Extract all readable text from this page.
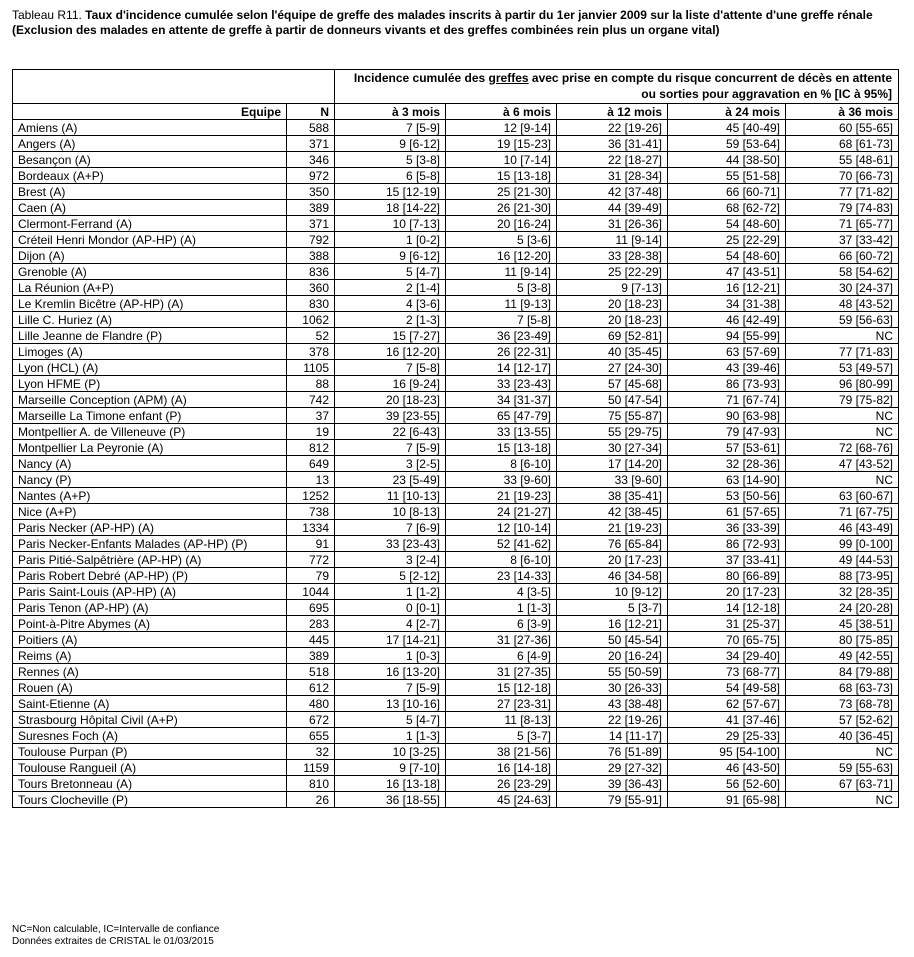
Tableau R11. Taux d'incidence cumulée selon l'équipe de greffe des malades inscrits à partir du 1er janvier 2009 sur la liste d'attente d'une greffe rénale
(Exclusion des malades en attente de greffe à partir de donneurs vivants et des greffes combinées rein plus un organe vital)
		Incidence cumulée des greffes avec prise en compte du risque concurrent de décès en attente ou sorties pour aggravation en % [IC à 95%]				
Equipe	N	à 3 mois	à 6 mois	à 12 mois	à 24 mois	à 36 mois
Amiens (A)	588	7 [5-9]	12 [9-14]	22 [19-26]	45 [40-49]	60 [55-65]
Angers (A)	371	9 [6-12]	19 [15-23]	36 [31-41]	59 [53-64]	68 [61-73]
Besançon (A)	346	5 [3-8]	10 [7-14]	22 [18-27]	44 [38-50]	55 [48-61]
Bordeaux (A+P)	972	6 [5-8]	15 [13-18]	31 [28-34]	55 [51-58]	70 [66-73]
Brest (A)	350	15 [12-19]	25 [21-30]	42 [37-48]	66 [60-71]	77 [71-82]
Caen (A)	389	18 [14-22]	26 [21-30]	44 [39-49]	68 [62-72]	79 [74-83]
Clermont-Ferrand (A)	371	10 [7-13]	20 [16-24]	31 [26-36]	54 [48-60]	71 [65-77]
Créteil Henri Mondor (AP-HP) (A)	792	1 [0-2]	5 [3-6]	11 [9-14]	25 [22-29]	37 [33-42]
Dijon (A)	388	9 [6-12]	16 [12-20]	33 [28-38]	54 [48-60]	66 [60-72]
Grenoble (A)	836	5 [4-7]	11 [9-14]	25 [22-29]	47 [43-51]	58 [54-62]
La Réunion (A+P)	360	2 [1-4]	5 [3-8]	9 [7-13]	16 [12-21]	30 [24-37]
Le Kremlin Bicêtre (AP-HP) (A)	830	4 [3-6]	11 [9-13]	20 [18-23]	34 [31-38]	48 [43-52]
Lille C. Huriez (A)	1062	2 [1-3]	7 [5-8]	20 [18-23]	46 [42-49]	59 [56-63]
Lille Jeanne de Flandre (P)	52	15 [7-27]	36 [23-49]	69 [52-81]	94 [55-99]	NC
Limoges (A)	378	16 [12-20]	26 [22-31]	40 [35-45]	63 [57-69]	77 [71-83]
Lyon (HCL) (A)	1105	7 [5-8]	14 [12-17]	27 [24-30]	43 [39-46]	53 [49-57]
Lyon HFME (P)	88	16 [9-24]	33 [23-43]	57 [45-68]	86 [73-93]	96 [80-99]
Marseille Conception (APM) (A)	742	20 [18-23]	34 [31-37]	50 [47-54]	71 [67-74]	79 [75-82]
Marseille La Timone enfant (P)	37	39 [23-55]	65 [47-79]	75 [55-87]	90 [63-98]	NC
Montpellier A. de Villeneuve (P)	19	22 [6-43]	33 [13-55]	55 [29-75]	79 [47-93]	NC
Montpellier La Peyronie (A)	812	7 [5-9]	15 [13-18]	30 [27-34]	57 [53-61]	72 [68-76]
Nancy (A)	649	3 [2-5]	8 [6-10]	17 [14-20]	32 [28-36]	47 [43-52]
Nancy (P)	13	23 [5-49]	33 [9-60]	33 [9-60]	63 [14-90]	NC
Nantes (A+P)	1252	11 [10-13]	21 [19-23]	38 [35-41]	53 [50-56]	63 [60-67]
Nice (A+P)	738	10 [8-13]	24 [21-27]	42 [38-45]	61 [57-65]	71 [67-75]
Paris Necker (AP-HP) (A)	1334	7 [6-9]	12 [10-14]	21 [19-23]	36 [33-39]	46 [43-49]
Paris Necker-Enfants Malades (AP-HP) (P)	91	33 [23-43]	52 [41-62]	76 [65-84]	86 [72-93]	99 [0-100]
Paris Pitié-Salpêtrière (AP-HP) (A)	772	3 [2-4]	8 [6-10]	20 [17-23]	37 [33-41]	49 [44-53]
Paris Robert Debré (AP-HP) (P)	79	5 [2-12]	23 [14-33]	46 [34-58]	80 [66-89]	88 [73-95]
Paris Saint-Louis (AP-HP) (A)	1044	1 [1-2]	4 [3-5]	10 [9-12]	20 [17-23]	32 [28-35]
Paris Tenon (AP-HP) (A)	695	0 [0-1]	1 [1-3]	5 [3-7]	14 [12-18]	24 [20-28]
Point-à-Pitre Abymes (A)	283	4 [2-7]	6 [3-9]	16 [12-21]	31 [25-37]	45 [38-51]
Poitiers (A)	445	17 [14-21]	31 [27-36]	50 [45-54]	70 [65-75]	80 [75-85]
Reims (A)	389	1 [0-3]	6 [4-9]	20 [16-24]	34 [29-40]	49 [42-55]
Rennes (A)	518	16 [13-20]	31 [27-35]	55 [50-59]	73 [68-77]	84 [79-88]
Rouen (A)	612	7 [5-9]	15 [12-18]	30 [26-33]	54 [49-58]	68 [63-73]
Saint-Etienne (A)	480	13 [10-16]	27 [23-31]	43 [38-48]	62 [57-67]	73 [68-78]
Strasbourg Hôpital Civil (A+P)	672	5 [4-7]	11 [8-13]	22 [19-26]	41 [37-46]	57 [52-62]
Suresnes Foch (A)	655	1 [1-3]	5 [3-7]	14 [11-17]	29 [25-33]	40 [36-45]
Toulouse Purpan (P)	32	10 [3-25]	38 [21-56]	76 [51-89]	95 [54-100]	NC
Toulouse Rangueil (A)	1159	9 [7-10]	16 [14-18]	29 [27-32]	46 [43-50]	59 [55-63]
Tours Bretonneau (A)	810	16 [13-18]	26 [23-29]	39 [36-43]	56 [52-60]	67 [63-71]
Tours Clocheville (P)	26	36 [18-55]	45 [24-63]	79 [55-91]	91 [65-98]	NC
NC=Non calculable, IC=Intervalle de confiance
Données extraites de CRISTAL le 01/03/2015
